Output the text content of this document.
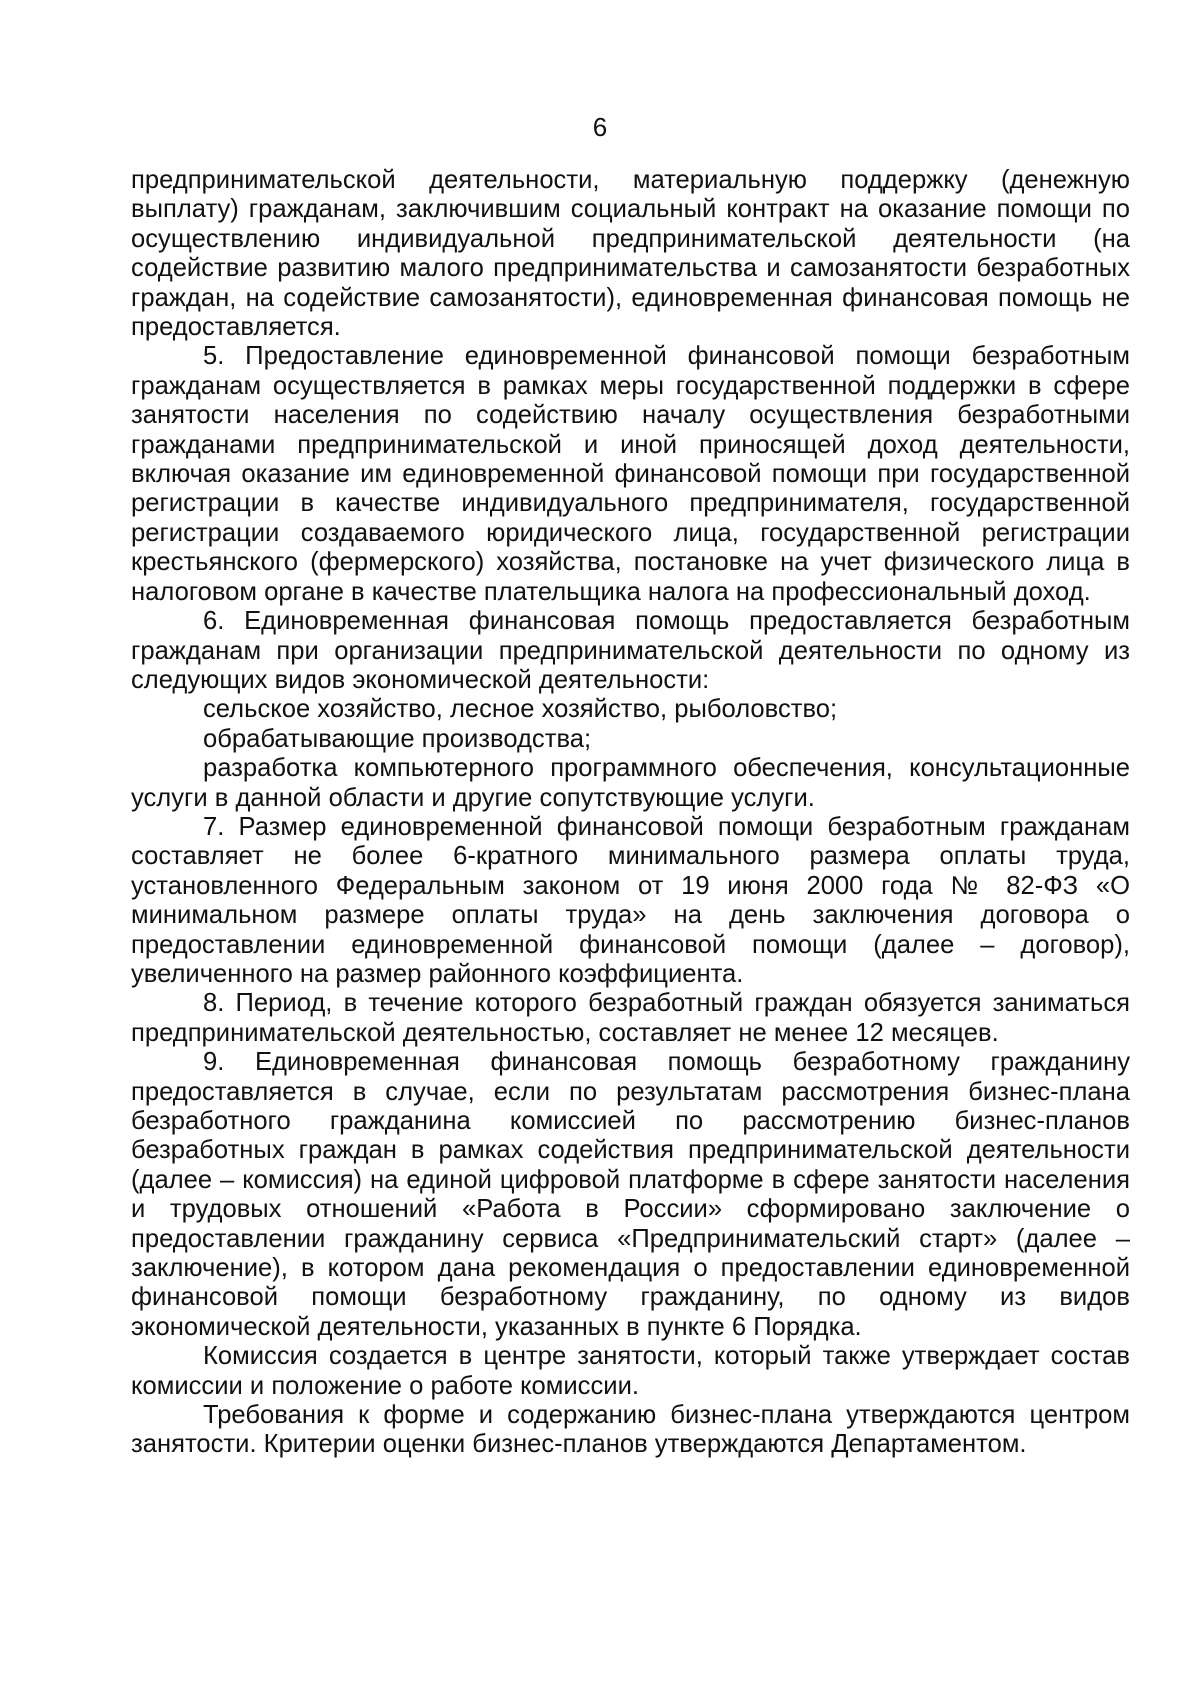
6

предпринимательской деятельности, материальную поддержку (денежную выплату) гражданам, заключившим социальный контракт на оказание помощи по осуществлению индивидуальной предпринимательской деятельности (на содействие развитию малого предпринимательства и самозанятости безработных граждан, на содействие самозанятости), единовременная финансовая помощь не предоставляется.

5. Предоставление единовременной финансовой помощи безработным гражданам осуществляется в рамках меры государственной поддержки в сфере занятости населения по содействию началу осуществления безработными гражданами предпринимательской и иной приносящей доход деятельности, включая оказание им единовременной финансовой помощи при государственной регистрации в качестве индивидуального предпринимателя, государственной регистрации создаваемого юридического лица, государственной регистрации крестьянского (фермерского) хозяйства, постановке на учет физического лица в налоговом органе в качестве плательщика налога на профессиональный доход.

6. Единовременная финансовая помощь предоставляется безработным гражданам при организации предпринимательской деятельности по одному из следующих видов экономической деятельности:

сельское хозяйство, лесное хозяйство, рыболовство;

обрабатывающие производства;

разработка компьютерного программного обеспечения, консультационные услуги в данной области и другие сопутствующие услуги.

7. Размер единовременной финансовой помощи безработным гражданам составляет не более 6-кратного минимального размера оплаты труда, установленного Федеральным законом от 19 июня 2000 года № 82-ФЗ «О минимальном размере оплаты труда» на день заключения договора о предоставлении единовременной финансовой помощи (далее – договор), увеличенного на размер районного коэффициента.

8. Период, в течение которого безработный граждан обязуется заниматься предпринимательской деятельностью, составляет не менее 12 месяцев.

9. Единовременная финансовая помощь безработному гражданину предоставляется в случае, если по результатам рассмотрения бизнес-плана безработного гражданина комиссией по рассмотрению бизнес-планов безработных граждан в рамках содействия предпринимательской деятельности (далее – комиссия) на единой цифровой платформе в сфере занятости населения и трудовых отношений «Работа в России» сформировано заключение о предоставлении гражданину сервиса «Предпринимательский старт» (далее – заключение), в котором дана рекомендация о предоставлении единовременной финансовой помощи безработному гражданину, по одному из видов экономической деятельности, указанных в пункте 6 Порядка.

Комиссия создается в центре занятости, который также утверждает состав комиссии и положение о работе комиссии.

Требования к форме и содержанию бизнес-плана утверждаются центром занятости. Критерии оценки бизнес-планов утверждаются Департаментом.
